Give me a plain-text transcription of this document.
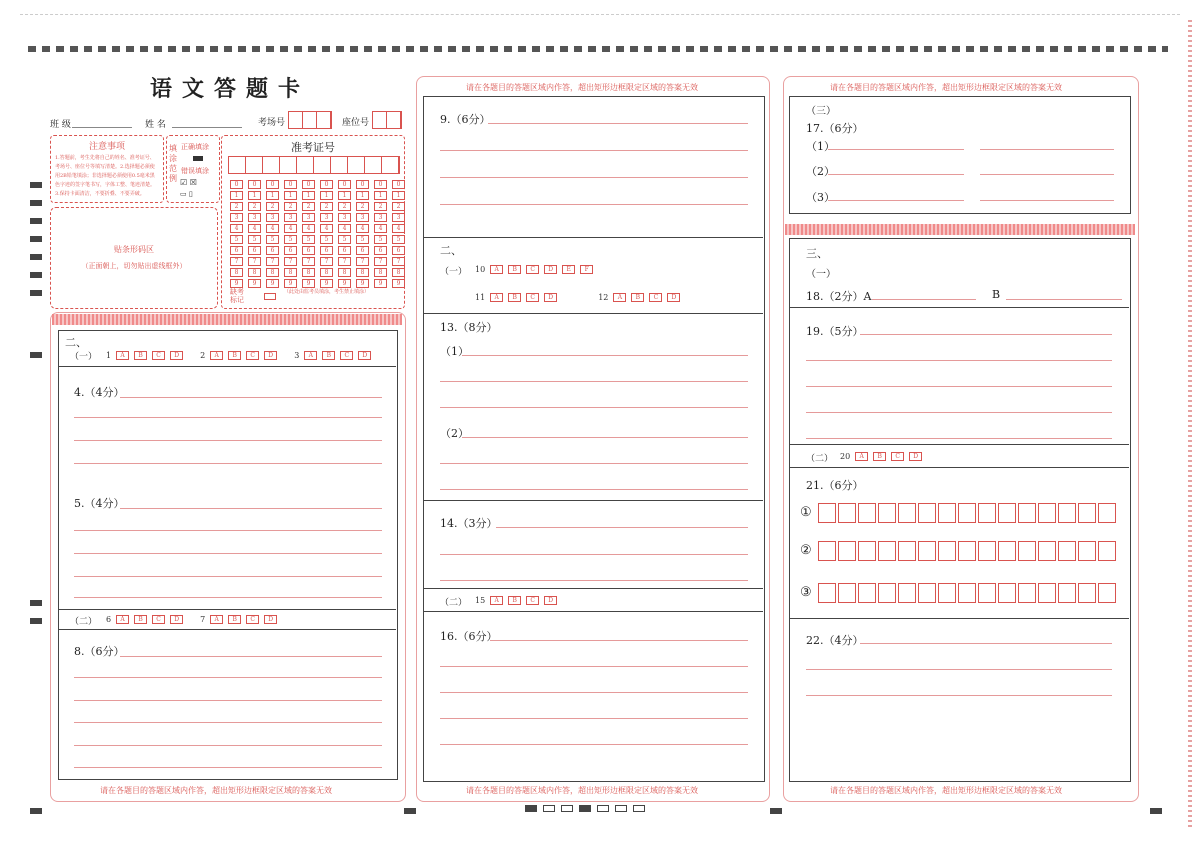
语文答题卡
班 级	姓 名	考场号	座位号
注意事项
1.答题前，考生先将自己的姓名、准考证号、考场号、座位号等填写清楚。2.选择题必须使用2B铅笔填涂；非选择题必须使用0.5毫米黑色字迹的签字笔书写，字体工整、笔迹清楚。3.保持卡面清洁，不要折叠、不要弄破。
填涂范例
正确填涂
错误填涂
☑ ☒
▭ ▯
贴条形码区
（正面朝上，切勿贴出虚线框外）
准考证号
0	0	0	0	0	0	0	0	0	0
1	1	1	1	1	1	1	1	1	1
2	2	2	2	2	2	2	2	2	2
3	3	3	3	3	3	3	3	3	3
4	4	4	4	4	4	4	4	4	4
5	5	5	5	5	5	5	5	5	5
6	6	6	6	6	6	6	6	6	6
7	7	7	7	7	7	7	7	7	7
8	8	8	8	8	8	8	8	8	8
9	9	9	9	9	9	9	9	9	9
缺考标记
（此处由监考员填涂，考生禁止填涂）
二、
（一） 1	A	B	C	D	2	A	B	C	D	3	A	B	C	D
4.（4分）
5.（4分）
（二） 6	A	B	C	D	7	A	B	C	D
8.（6分）
请在各题目的答题区域内作答，超出矩形边框限定区域的答案无效
请在各题目的答题区域内作答，超出矩形边框限定区域的答案无效
9.（6分）
二、
（一） 10	A	B	C	D	E	F
11	A	B	C	D	12	A	B	C	D
13.（8分）
（1）
（2）
14.（3分）
（二） 15	A	B	C	D
16.（6分）
请在各题目的答题区域内作答，超出矩形边框限定区域的答案无效
请在各题目的答题区域内作答，超出矩形边框限定区域的答案无效
（三）
17.（6分）
（1）
（2）
（3）
三、
（一）
18.（2分）A	B
19.（5分）
（二） 20	A	B	C	D
21.（6分）
①
②
③
22.（4分）
请在各题目的答题区域内作答，超出矩形边框限定区域的答案无效
